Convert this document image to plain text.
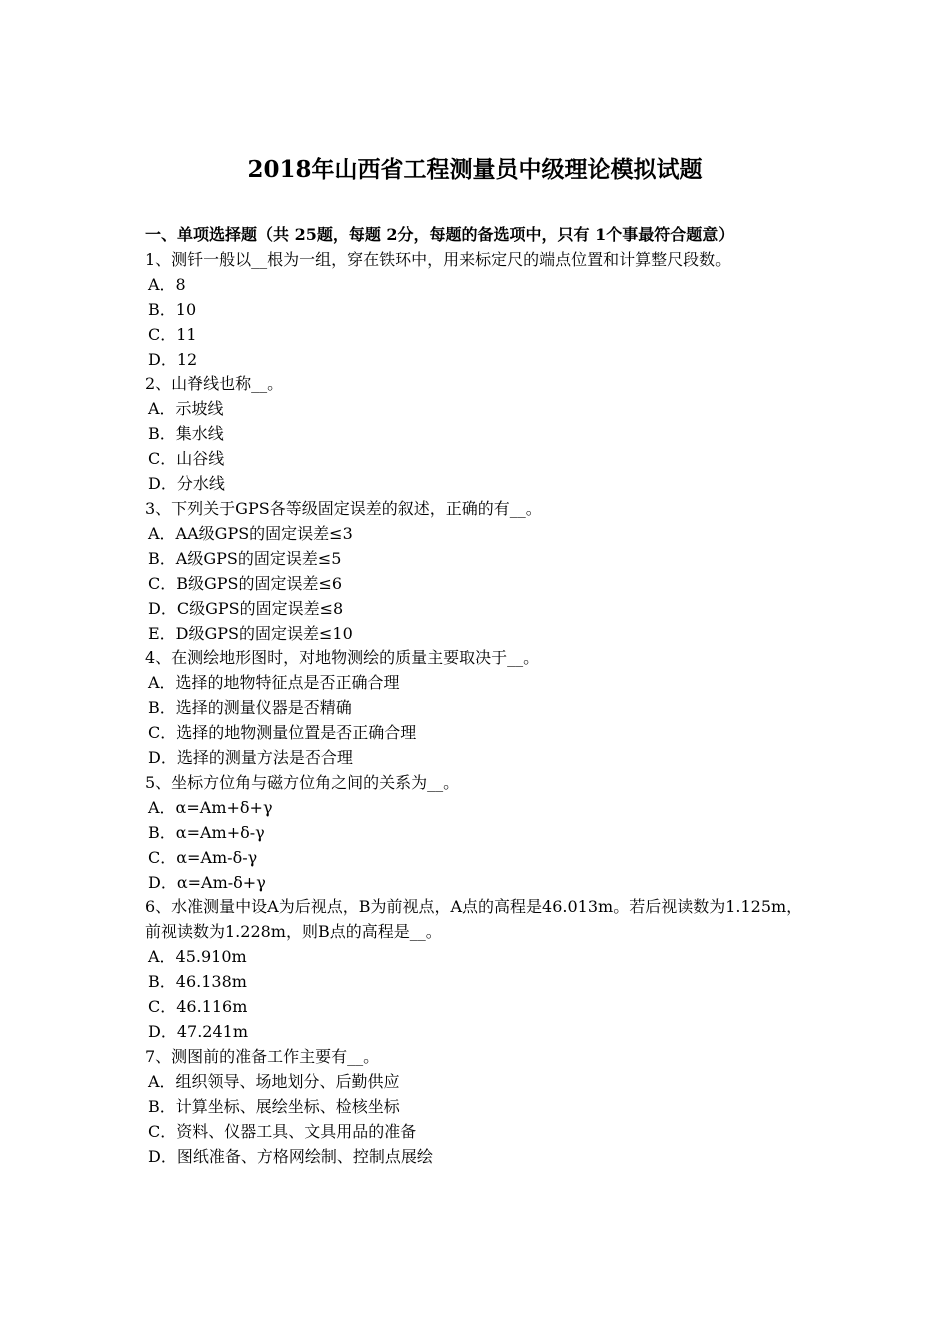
2018年山西省工程测量员中级理论模拟试题

一、单项选择题（共 25题，每题 2分，每题的备选项中，只有 1个事最符合题意）

1、测钎一般以__根为一组，穿在铁环中，用来标定尺的端点位置和计算整尺段数。

A．8

B．10

C．11

D．12

2、山脊线也称__。

A．示坡线

B．集水线

C．山谷线

D．分水线

3、下列关于GPS各等级固定误差的叙述，正确的有__。

A．AA级GPS的固定误差≤3

B．A级GPS的固定误差≤5

C．B级GPS的固定误差≤6

D．C级GPS的固定误差≤8

E．D级GPS的固定误差≤10

4、在测绘地形图时，对地物测绘的质量主要取决于__。

A．选择的地物特征点是否正确合理

B．选择的测量仪器是否精确

C．选择的地物测量位置是否正确合理

D．选择的测量方法是否合理

5、坐标方位角与磁方位角之间的关系为__。

A．α=Am+δ+γ

B．α=Am+δ-γ

C．α=Am-δ-γ

D．α=Am-δ+γ

6、水准测量中设A为后视点，B为前视点，A点的高程是46.013m。若后视读数为1.125m，前视读数为1.228m，则B点的高程是__。

A．45.910m

B．46.138m

C．46.116m

D．47.241m

7、测图前的准备工作主要有__。

A．组织领导、场地划分、后勤供应

B．计算坐标、展绘坐标、检核坐标

C．资料、仪器工具、文具用品的准备

D．图纸准备、方格网绘制、控制点展绘
